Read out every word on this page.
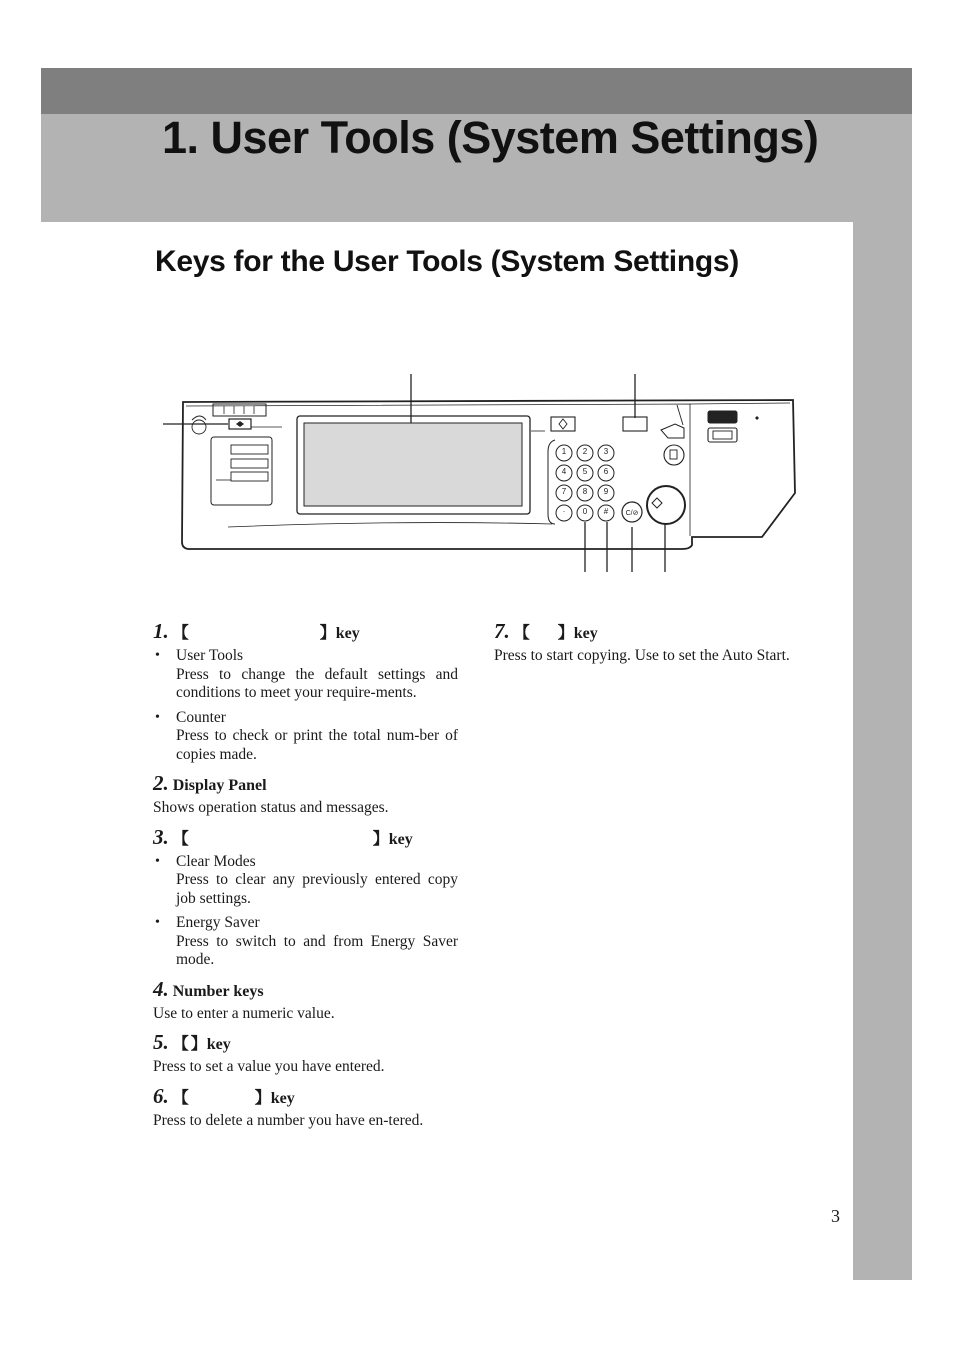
1. User Tools (System Settings)
Keys for the User Tools (System Settings)
1 2 3
4 5 6
7 8 9
· 0 # C/⊘

1. 【	】key

• User Tools
Press to change the default settings and conditions to meet your require-ments.
• Counter
Press to check or print the total num-ber of copies made.

2. Display Panel

Shows operation status and messages.

3. 【	】key

• Clear Modes
Press to clear any previously entered copy job settings.
• Energy Saver
Press to switch to and from Energy Saver mode.

4. Number keys

Use to enter a numeric value.

5. 【 】key

Press to set a value you have entered.

6. 【	】key

Press to delete a number you have en-tered.

7. 【 】key

Press to start copying. Use to set the Auto Start.

3
